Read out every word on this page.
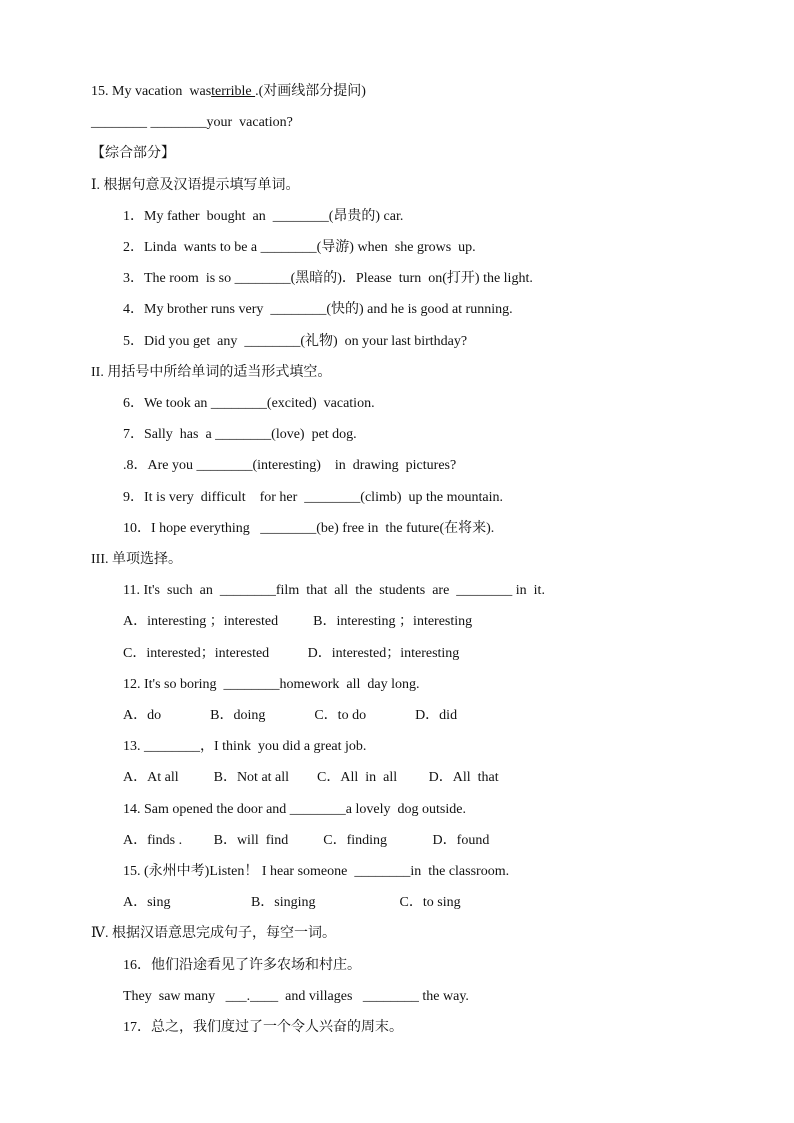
15. My vacation  wasterrible .(对画线部分提问)
________ ________your  vacation?
【综合部分】
Ⅰ. 根据句意及汉语提示填写单词。
1．My father  bought  an  ________(昂贵的) car.
2．Linda  wants to be a ________(导游) when  she grows  up.
3．The room  is so ________(黑暗的)．Please  turn  on(打开) the light.
4．My brother runs very  ________(快的) and he is good at running.
5．Did you get  any  ________(礼物)  on your last birthday?
II. 用括号中所给单词的适当形式填空。
6．We took an ________(excited)  vacation.
7．Sally  has  a ________(love)  pet dog.
.8．Are you ________(interesting)    in  drawing  pictures?
9．It is very  difficult    for her  ________(climb)  up the mountain.
10．I hope everything   ________(be) free in  the future(在将来).
III. 单项选择。
11. It's  such  an  ________film  that  all  the  students  are  ________ in  it.
A．interesting ；interested          B．interesting ；interesting
C．interested；interested           D．interested；interesting
12. It's so boring  ________homework  all  day long.
A．do              B．doing              C．to do              D．did
13. ________，I think  you did a great job.
A．At all          B．Not at all        C．All  in  all         D．All  that
14. Sam opened the door and ________a lovely  dog outside.
A．finds .         B．will  find          C．finding             D．found
15. (永州中考)Listen！ I hear someone  ________in  the classroom.
A．sing                       B．singing                        C．to sing
Ⅳ. 根据汉语意思完成句子，每空一词。
16．他们沿途看见了许多农场和村庄。
They  saw many   ___.____  and villages   ________ the way.
17．总之，我们度过了一个令人兴奋的周末。
